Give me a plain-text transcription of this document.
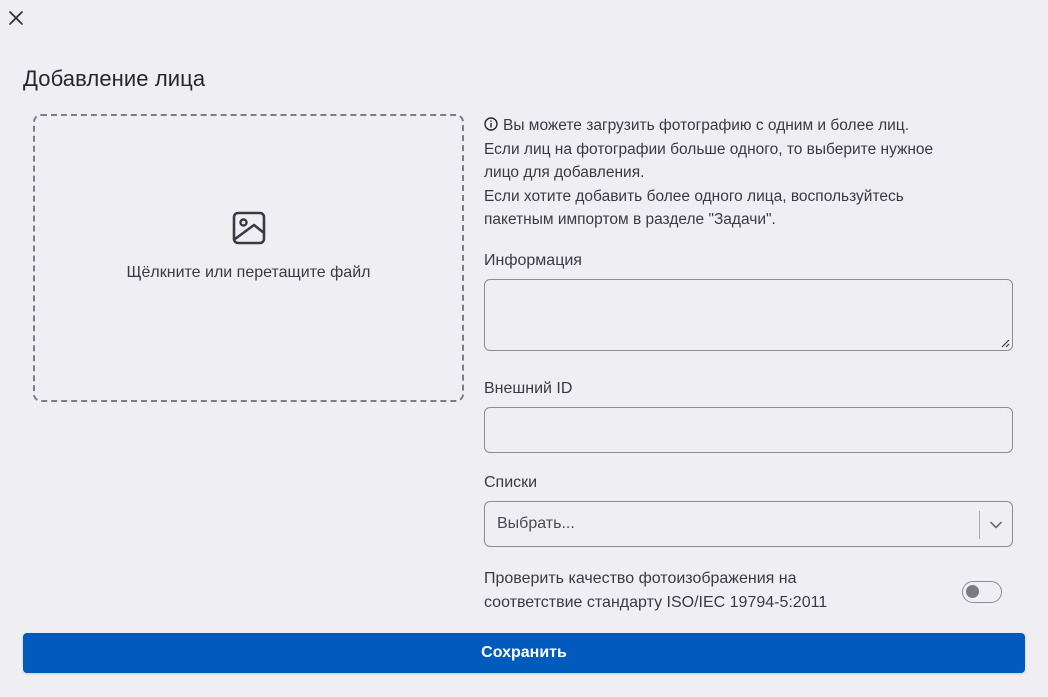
Добавление лица
Щёлкните или перетащите файл
Вы можете загрузить фотографию с одним и более лиц.
Если лиц на фотографии больше одного, то выберите нужное
лицо для добавления.
Если хотите добавить более одного лица, воспользуйтесь
пакетным импортом в разделе "Задачи".
Информация
Внешний ID
Списки
Выбрать...
Проверить качество фотоизображения на
соответствие стандарту ISO/IEC 19794-5:2011
Сохранить
